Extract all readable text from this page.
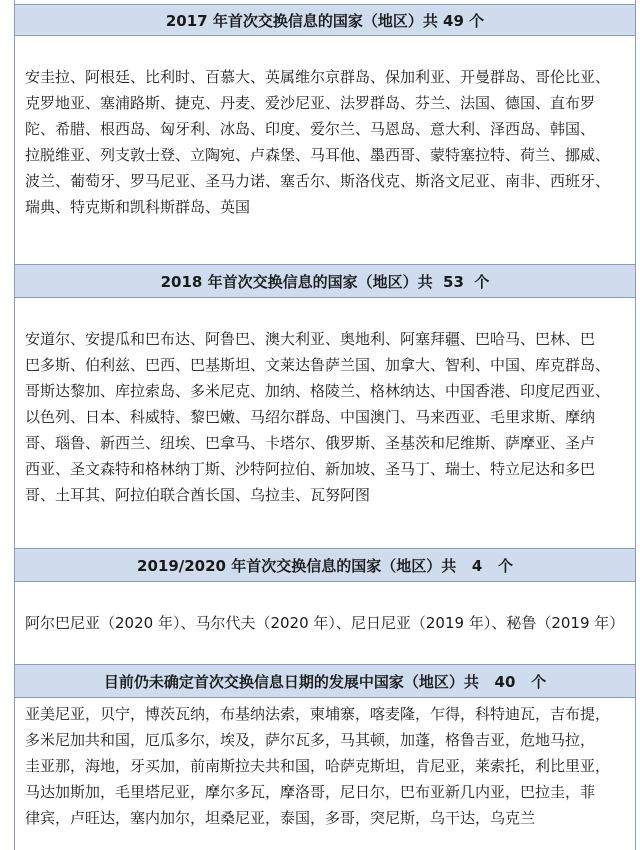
2017 年首次交换信息的国家（地区）共 49 个
安圭拉、阿根廷、比利时、百慕大、英属维尔京群岛、保加利亚、开曼群岛、哥伦比亚、
克罗地亚、塞浦路斯、捷克、丹麦、爱沙尼亚、法罗群岛、芬兰、法国、德国、直布罗
陀、希腊、根西岛、匈牙利、冰岛、印度、爱尔兰、马恩岛、意大利、泽西岛、韩国、
拉脱维亚、列支敦士登、立陶宛、卢森堡、马耳他、墨西哥、蒙特塞拉特、荷兰、挪威、
波兰、葡萄牙、罗马尼亚、圣马力诺、塞舌尔、斯洛伐克、斯洛文尼亚、南非、西班牙、
瑞典、特克斯和凯科斯群岛、英国
2018 年首次交换信息的国家（地区）共  53  个
安道尔、安提瓜和巴布达、阿鲁巴、澳大利亚、奥地利、阿塞拜疆、巴哈马、巴林、巴
巴多斯、伯利兹、巴西、巴基斯坦、文莱达鲁萨兰国、加拿大、智利、中国、库克群岛、
哥斯达黎加、库拉索岛、多米尼克、加纳、格陵兰、格林纳达、中国香港、印度尼西亚、
以色列、日本、科威特、黎巴嫩、马绍尔群岛、中国澳门、马来西亚、毛里求斯、摩纳
哥、瑙鲁、新西兰、纽埃、巴拿马、卡塔尔、俄罗斯、圣基茨和尼维斯、萨摩亚、圣卢
西亚、圣文森特和格林纳丁斯、沙特阿拉伯、新加坡、圣马丁、瑞士、特立尼达和多巴
哥、土耳其、阿拉伯联合酋长国、乌拉圭、瓦努阿图
2019/2020 年首次交换信息的国家（地区）共   4   个
阿尔巴尼亚（2020 年）、马尔代夫（2020 年）、尼日尼亚（2019 年）、秘鲁（2019 年）
目前仍未确定首次交换信息日期的发展中国家（地区）共   40   个
亚美尼亚，贝宁，博茨瓦纳，布基纳法索，柬埔寨，喀麦隆，乍得，科特迪瓦，吉布提，
多米尼加共和国，厄瓜多尔，埃及，萨尔瓦多，马其顿，加蓬，格鲁吉亚，危地马拉，
圭亚那，海地，牙买加，前南斯拉夫共和国，哈萨克斯坦，肯尼亚，莱索托，利比里亚，
马达加斯加，毛里塔尼亚，摩尔多瓦，摩洛哥，尼日尔，巴布亚新几内亚，巴拉圭，菲
律宾，卢旺达，塞内加尔，坦桑尼亚，泰国，多哥，突尼斯，乌干达，乌克兰
